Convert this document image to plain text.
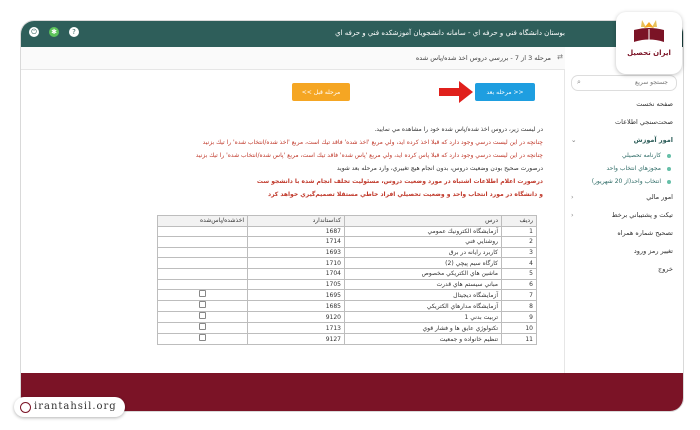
?
✱
⏻	بوستان دانشگاه فني و حرفه اي - سامانه دانشجويان آموزشكده فني و حرفه اي
⇄
مرحله 3 از 7 - بررسي دروس اخذ شده/پاس شده
جستجو سريع
⌕
صفحه نخست
صحت‌سنجي اطلاعات
امور آموزش
⌄
كارنامه تحصيلي
مجوزهاي انتخاب واحد
انتخاب واحد(از 20 شهريور)
امور مالي
‹
تيكت و پشتيباني برخط
‹
تصحيح شماره همراه
تغيير رمز ورود
خروج
<< مرحله بعد
مرحله قبل >>

در ليست زير، دروس اخذ شده/پاس شده خود را مشاهده مي نماييد.

چنانچه در اين ليست درسي وجود دارد كه قبلا اخذ كرده ايد، ولي مربع 'اخذ شده' فاقد تيك است، مربع 'اخذ شده/انتخاب شده' را تيك بزنيد

چنانچه در اين ليست درسي وجود دارد كه قبلا پاس كرده ايد، ولي مربع 'پاس شده' فاقد تيك است، مربع 'پاس شده/انتخاب شده' را تيك بزنيد

درصورت صحيح بودن وضعيت دروس، بدون انجام هيچ تغييري، وارد مرحله بعد شويد

درصورت اعلام اطلاعات اشتباه در مورد وضعيت دروس، مسئوليت تخلف انجام شده با دانشجو ست

و دانشگاه در مورد انتخاب واحد و وضعيت تحصيلي افراد خاطي مستقلا تصميم‌گيري خواهد كرد

رديف	درس	كداستاندارد	اخذشده/پاس‌شده
1	آزمايشگاه الكترونيك عمومي	1687	
2	روشنايي فني	1714	
3	كاربرد رايانه در برق	1693	
4	كارگاه سيم پيچي (2)	1710	
5	ماشين هاي الكتريكي مخصوص	1704	
6	مباني سيستم هاي قدرت	1705	
7	آزمايشگاه ديجيتال	1695	
8	آزمايشگاه مدارهاي الكتريكي	1685	
9	تربيت بدني 1	9120	
10	تكنولوژي عايق ها و فشار قوي	1713	
11	تنظيم خانواده و جمعيت	9127	
ايران تحصيل
irantahsil.org
